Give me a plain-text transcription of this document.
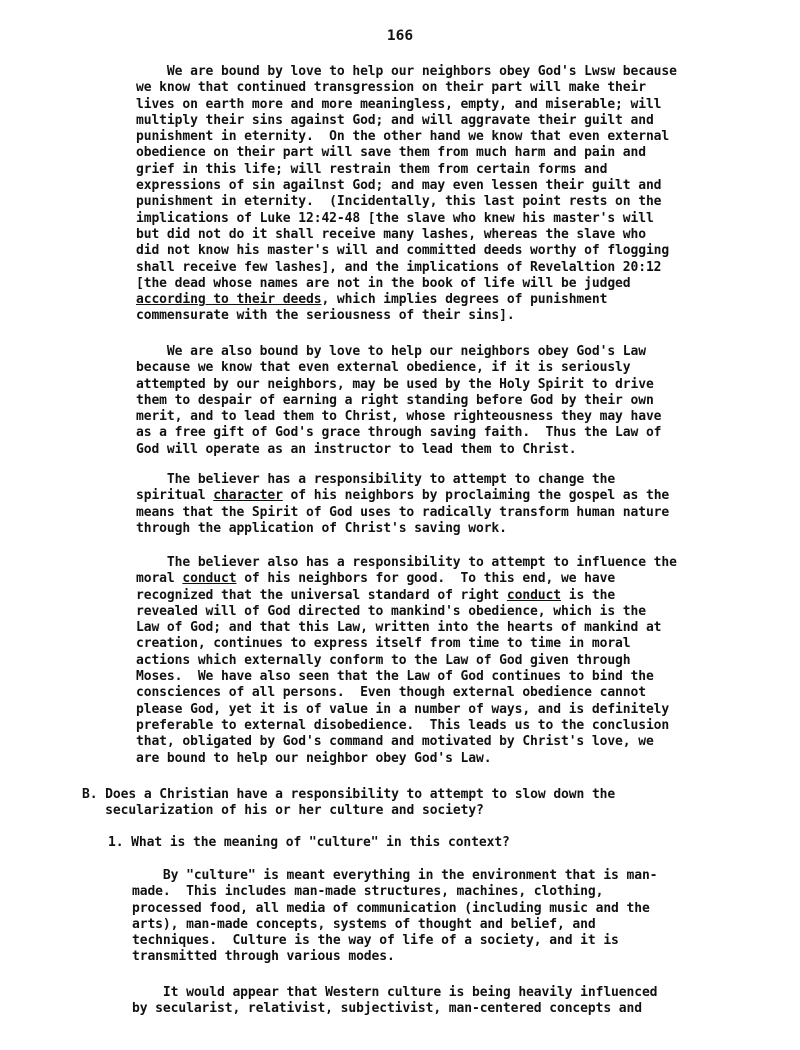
166
We are bound by love to help our neighbors obey God's Lwsw because
we know that continued transgression on their part will make their
lives on earth more and more meaningless, empty, and miserable; will
multiply their sins against God; and will aggravate their guilt and
punishment in eternity.  On the other hand we know that even external
obedience on their part will save them from much harm and pain and
grief in this life; will restrain them from certain forms and
expressions of sin agailnst God; and may even lessen their guilt and
punishment in eternity.  (Incidentally, this last point rests on the
implications of Luke 12:42-48 [the slave who knew his master's will
but did not do it shall receive many lashes, whereas the slave who
did not know his master's will and committed deeds worthy of flogging
shall receive few lashes], and the implications of Revelaltion 20:12
[the dead whose names are not in the book of life will be judged
according to their deeds, which implies degrees of punishment
commensurate with the seriousness of their sins].
We are also bound by love to help our neighbors obey God's Law
because we know that even external obedience, if it is seriously
attempted by our neighbors, may be used by the Holy Spirit to drive
them to despair of earning a right standing before God by their own
merit, and to lead them to Christ, whose righteousness they may have
as a free gift of God's grace through saving faith.  Thus the Law of
God will operate as an instructor to lead them to Christ.
The believer has a responsibility to attempt to change the
spiritual character of his neighbors by proclaiming the gospel as the
means that the Spirit of God uses to radically transform human nature
through the application of Christ's saving work.
The believer also has a responsibility to attempt to influence the
moral conduct of his neighbors for good.  To this end, we have
recognized that the universal standard of right conduct is the
revealed will of God directed to mankind's obedience, which is the
Law of God; and that this Law, written into the hearts of mankind at
creation, continues to express itself from time to time in moral
actions which externally conform to the Law of God given through
Moses.  We have also seen that the Law of God continues to bind the
consciences of all persons.  Even though external obedience cannot
please God, yet it is of value in a number of ways, and is definitely
preferable to external disobedience.  This leads us to the conclusion
that, obligated by God's command and motivated by Christ's love, we
are bound to help our neighbor obey God's Law.
B. Does a Christian have a responsibility to attempt to slow down the
secularization of his or her culture and society?
1. What is the meaning of "culture" in this context?
By "culture" is meant everything in the environment that is man-
made.  This includes man-made structures, machines, clothing,
processed food, all media of communication (including music and the
arts), man-made concepts, systems of thought and belief, and
techniques.  Culture is the way of life of a society, and it is
transmitted through various modes.
It would appear that Western culture is being heavily influenced
by secularist, relativist, subjectivist, man-centered concepts and
